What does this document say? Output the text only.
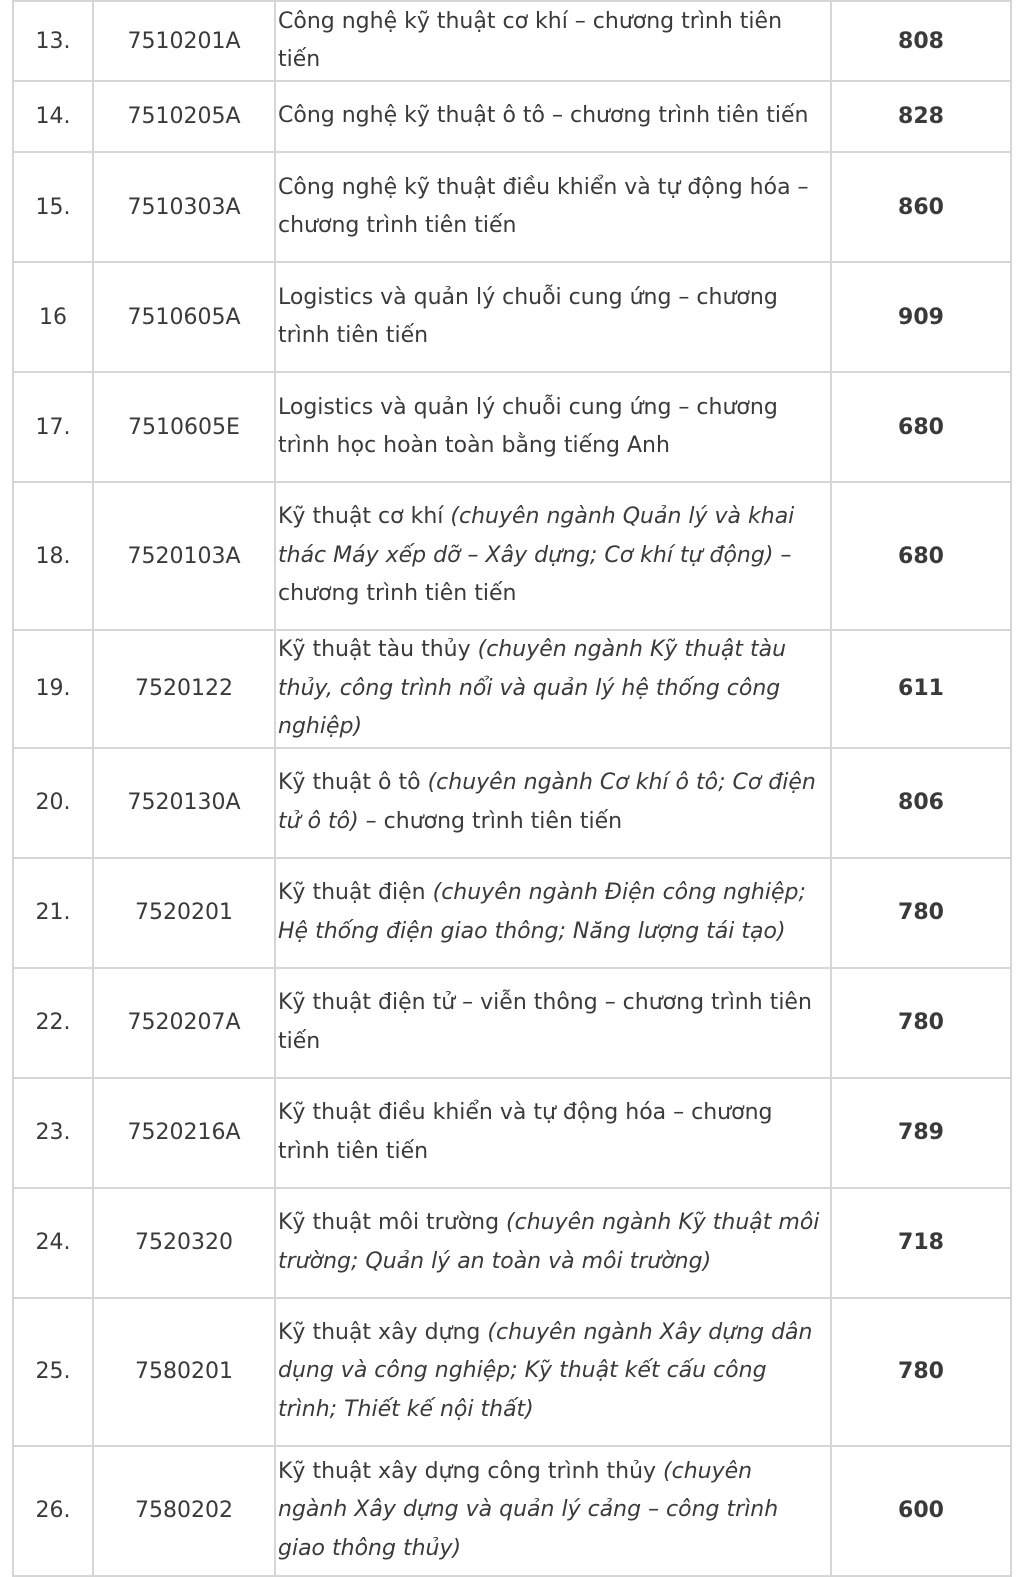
13.	7510201A	Công nghệ kỹ thuật cơ khí – chương trình tiên tiến	808
14.	7510205A	Công nghệ kỹ thuật ô tô – chương trình tiên tiến	828
15.	7510303A	Công nghệ kỹ thuật điều khiển và tự động hóa – chương trình tiên tiến	860
16	7510605A	Logistics và quản lý chuỗi cung ứng – chương trình tiên tiến	909
17.	7510605E	Logistics và quản lý chuỗi cung ứng – chương trình học hoàn toàn bằng tiếng Anh	680
18.	7520103A	Kỹ thuật cơ khí (chuyên ngành Quản lý và khai thác Máy xếp dỡ – Xây dựng; Cơ khí tự động) – chương trình tiên tiến	680
19.	7520122	Kỹ thuật tàu thủy (chuyên ngành Kỹ thuật tàu thủy, công trình nổi và quản lý hệ thống công nghiệp)	611
20.	7520130A	Kỹ thuật ô tô (chuyên ngành Cơ khí ô tô; Cơ điện tử ô tô) – chương trình tiên tiến	806
21.	7520201	Kỹ thuật điện (chuyên ngành Điện công nghiệp; Hệ thống điện giao thông; Năng lượng tái tạo)	780
22.	7520207A	Kỹ thuật điện tử – viễn thông – chương trình tiên tiến	780
23.	7520216A	Kỹ thuật điều khiển và tự động hóa – chương trình tiên tiến	789
24.	7520320	Kỹ thuật môi trường (chuyên ngành Kỹ thuật môi trường; Quản lý an toàn và môi trường)	718
25.	7580201	Kỹ thuật xây dựng (chuyên ngành Xây dựng dân dụng và công nghiệp; Kỹ thuật kết cấu công trình; Thiết kế nội thất)	780
26.	7580202	Kỹ thuật xây dựng công trình thủy (chuyên ngành Xây dựng và quản lý cảng – công trình giao thông thủy)	600
